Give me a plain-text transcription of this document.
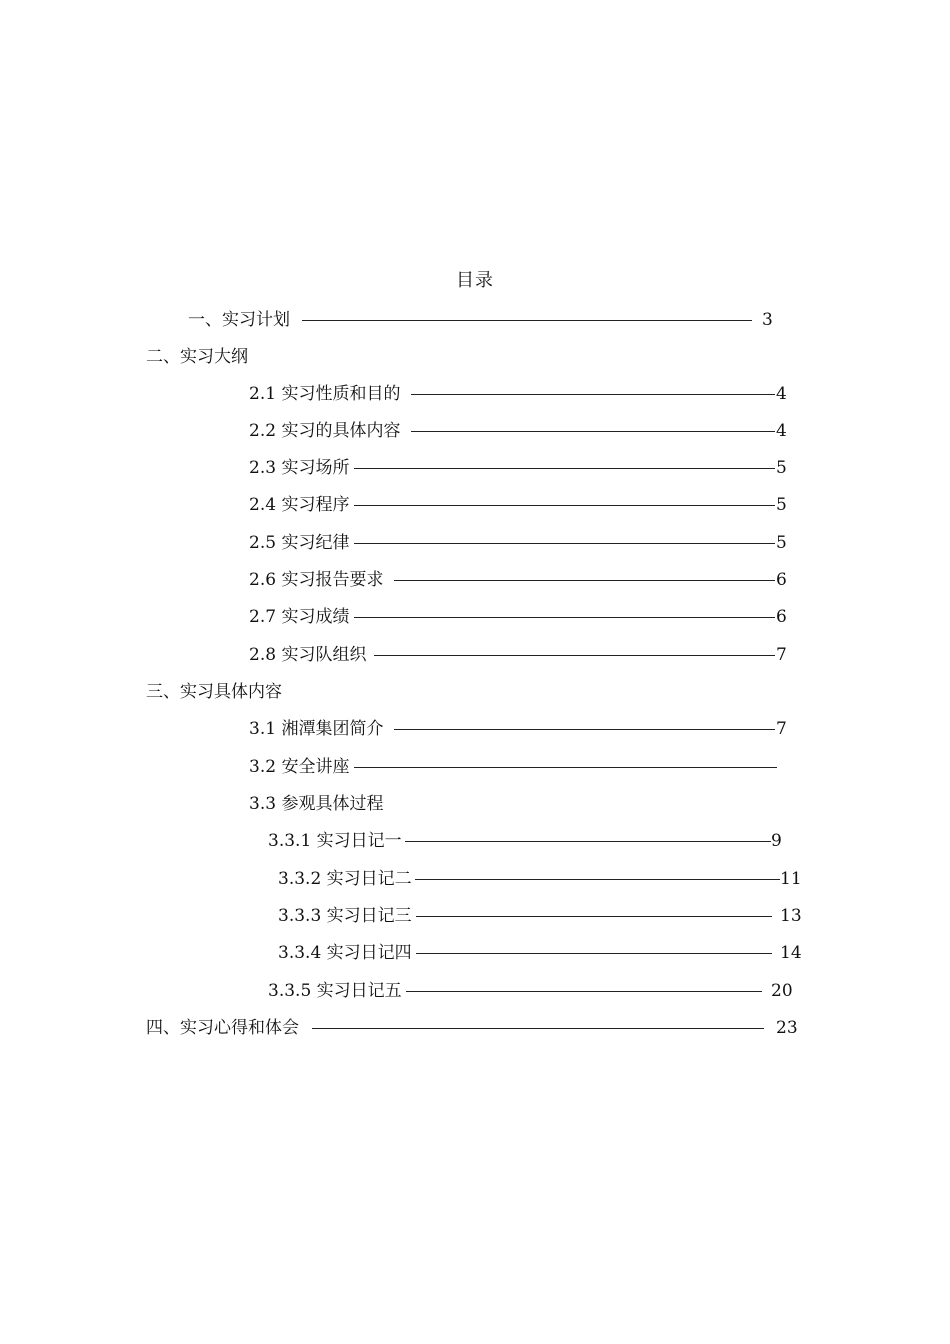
目录
一、实习计划	3
二、实习大纲
2.1 实习性质和目的	4
2.2 实习的具体内容	4
2.3 实习场所	5
2.4 实习程序	5
2.5 实习纪律	5
2.6 实习报告要求	6
2.7 实习成绩	6
2.8 实习队组织	7
三、实习具体内容
3.1 湘潭集团简介	7
3.2 安全讲座
3.3 参观具体过程
3.3.1 实习日记一	9
3.3.2 实习日记二	11
3.3.3 实习日记三	13
3.3.4 实习日记四	14
3.3.5 实习日记五	20
四、实习心得和体会	23
